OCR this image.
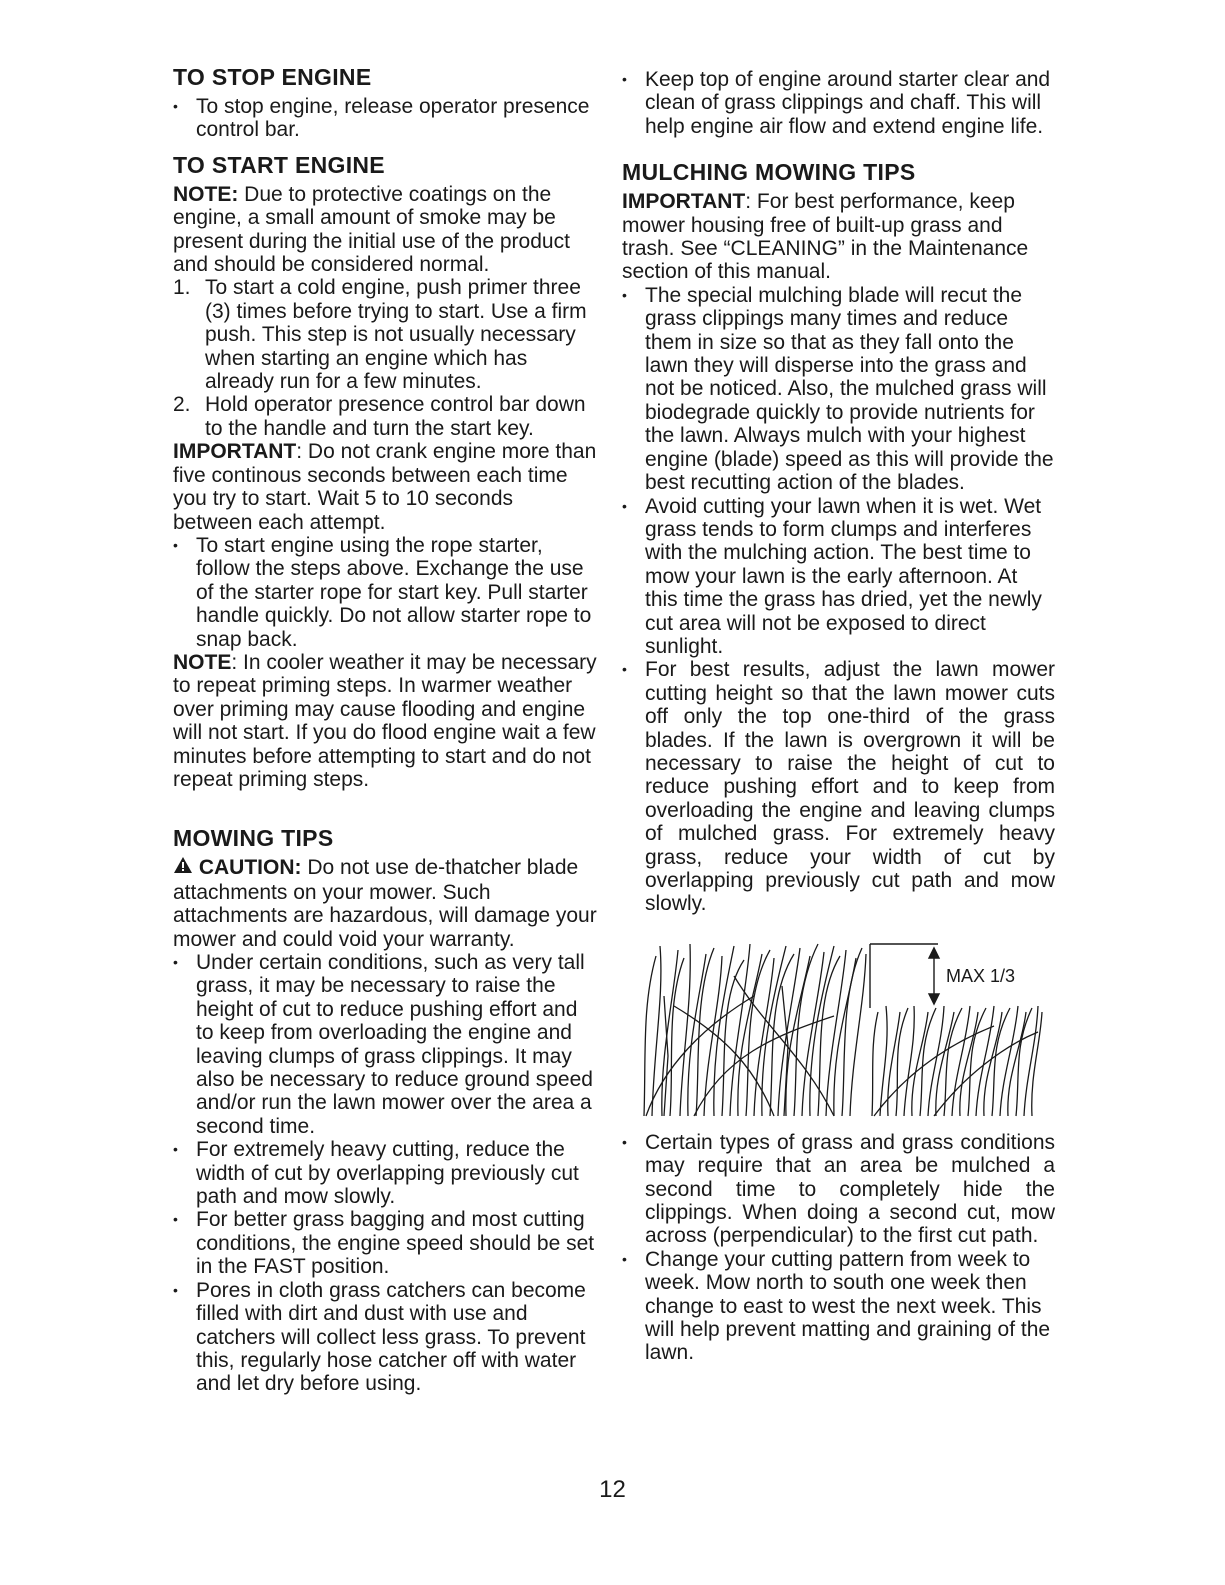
TO STOP ENGINE

• To stop engine, release operator presence control bar.

TO START ENGINE

NOTE: Due to protective coatings on the engine, a small amount of smoke may be present during the initial use of the product and should be considered normal.

1. To start a cold engine, push primer three (3) times before trying to start. Use a firm push. This step is not usually necessary when starting an engine which has already run for a few minutes.

2. Hold operator presence control bar down to the handle and turn the start key.

IMPORTANT: Do not crank engine more than five continous seconds between each time you try to start. Wait 5 to 10 seconds between each attempt.

• To start engine using the rope starter, follow the steps above. Exchange the use of the starter rope for start key. Pull starter handle quickly. Do not allow starter rope to snap back.

NOTE: In cooler weather it may be necessary to repeat priming steps. In warmer weather over priming may cause flooding and engine will not start. If you do flood engine wait a few minutes before attempting to start and do not repeat priming steps.

MOWING TIPS

CAUTION: Do not use de-thatcher blade attachments on your mower. Such attachments are hazardous, will damage your mower and could void your warranty.

• Under certain conditions, such as very tall grass, it may be necessary to raise the height of cut to reduce pushing effort and to keep from overloading the engine and leaving clumps of grass clippings. It may also be necessary to reduce ground speed and/or run the lawn mower over the area a second time.

• For extremely heavy cutting, reduce the width of cut by overlapping previously cut path and mow slowly.

• For better grass bagging and most cutting conditions, the engine speed should be set in the FAST position.

• Pores in cloth grass catchers can become filled with dirt and dust with use and catchers will collect less grass. To prevent this, regularly hose catcher off with water and let dry before using.

• Keep top of engine around starter clear and clean of grass clippings and chaff. This will help engine air flow and extend engine life.

MULCHING MOWING TIPS

IMPORTANT: For best performance, keep mower housing free of built-up grass and trash. See “CLEANING” in the Maintenance section of this manual.

• The special mulching blade will recut the grass clippings many times and reduce them in size so that as they fall onto the lawn they will disperse into the grass and not be noticed. Also, the mulched grass will biodegrade quickly to provide nutrients for the lawn. Always mulch with your highest engine (blade) speed as this will provide the best recutting action of the blades.

• Avoid cutting your lawn when it is wet. Wet grass tends to form clumps and interferes with the mulching action. The best time to mow your lawn is the early afternoon. At this time the grass has dried, yet the newly cut area will not be exposed to direct sunlight.

• For best results, adjust the lawn mower cutting height so that the lawn mower cuts off only the top one-third of the grass blades. If the lawn is overgrown it will be necessary to raise the height of cut to reduce pushing effort and to keep from overloading the engine and leaving clumps of mulched grass. For extremely heavy grass, reduce your width of cut by overlapping previously cut path and mow slowly.

MAX 1/3

• Certain types of grass and grass conditions may require that an area be mulched a second time to completely hide the clippings. When doing a second cut, mow across (perpendicular) to the first cut path.

• Change your cutting pattern from week to week. Mow north to south one week then change to east to west the next week. This will help prevent matting and graining of the lawn.

12
